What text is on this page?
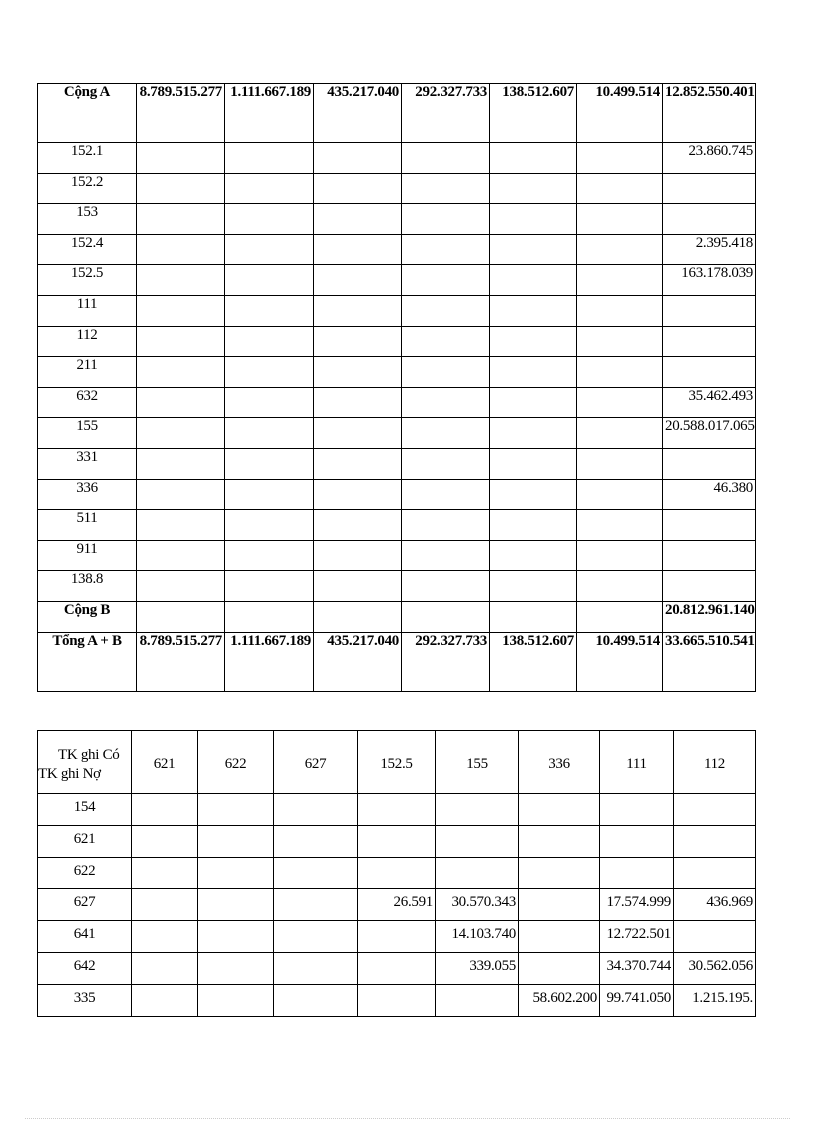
Cộng A	8.789.515.277	1.111.667.189	435.217.040	292.327.733	138.512.607	10.499.514	12.852.550.401
152.1							23.860.745
152.2							
153							
152.4							2.395.418
152.5							163.178.039
111							
112							
211							
632							35.462.493
155							20.588.017.065
331							
336							46.380
511							
911							
138.8							
Cộng B							20.812.961.140
Tổng A + B	8.789.515.277	1.111.667.189	435.217.040	292.327.733	138.512.607	10.499.514	33.665.510.541
TK ghi Có
TK ghi Nợ	621	622	627	152.5	155	336	111	112
154								
621								
622								
627				26.591	30.570.343		17.574.999	436.969
641					14.103.740		12.722.501	
642					339.055		34.370.744	30.562.056
335						58.602.200	99.741.050	1.215.195.
